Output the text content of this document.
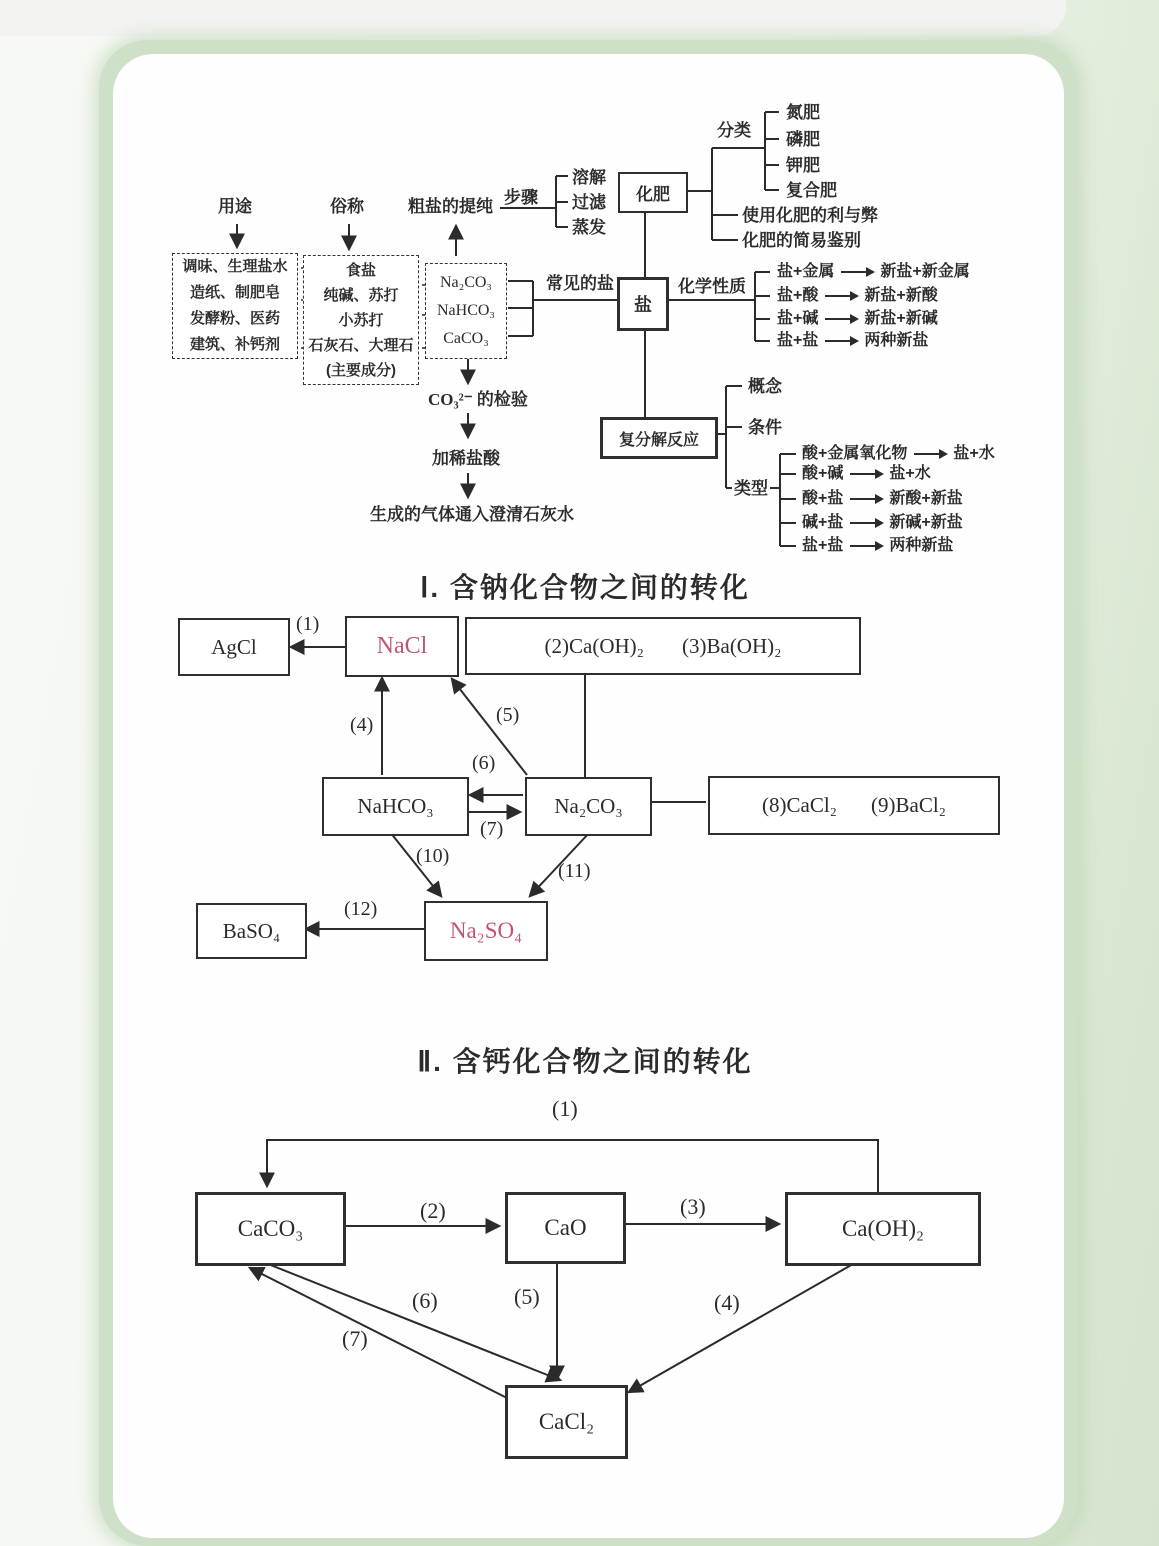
用途	俗称
调味、生理盐水
造纸、制肥皂
发酵粉、医药
建筑、补钙剂
食盐
纯碱、苏打
小苏打
石灰石、大理石
(主要成分)
Na₂CO₃
NaHCO₃
CaCO₃
粗盐的提纯 步骤
溶解
过滤
蒸发
化肥
分类
氮肥
磷肥
钾肥
复合肥
使用化肥的利与弊
化肥的简易鉴别
常见的盐
盐
化学性质
盐+金属	新盐+新金属
盐+酸	新盐+新酸
盐+碱	新盐+新碱
盐+盐	两种新盐
复分解反应
概念
条件
类型
酸+金属氧化物	盐+水
酸+碱	盐+水
酸+盐	新酸+新盐
碱+盐	新碱+新盐
盐+盐	两种新盐
CO₃²⁻ 的检验
加稀盐酸
生成的气体通入澄清石灰水
Ⅰ. 含钠化合物之间的转化
AgCl	NaCl	(2)Ca(OH)₂ (3)Ba(OH)₂
NaHCO₃	Na₂CO₃	(8)CaCl₂ (9)BaCl₂
Na₂SO₄
BaSO₄
(1)
(4)	(5)
(6)
(7)
(10)
(11)
(12)
Ⅱ. 含钙化合物之间的转化
CaCO₃	CaO	Ca(OH)₂
CaCl₂
(1)
(2)	(3)
(4)
(5)
(6)
(7)
